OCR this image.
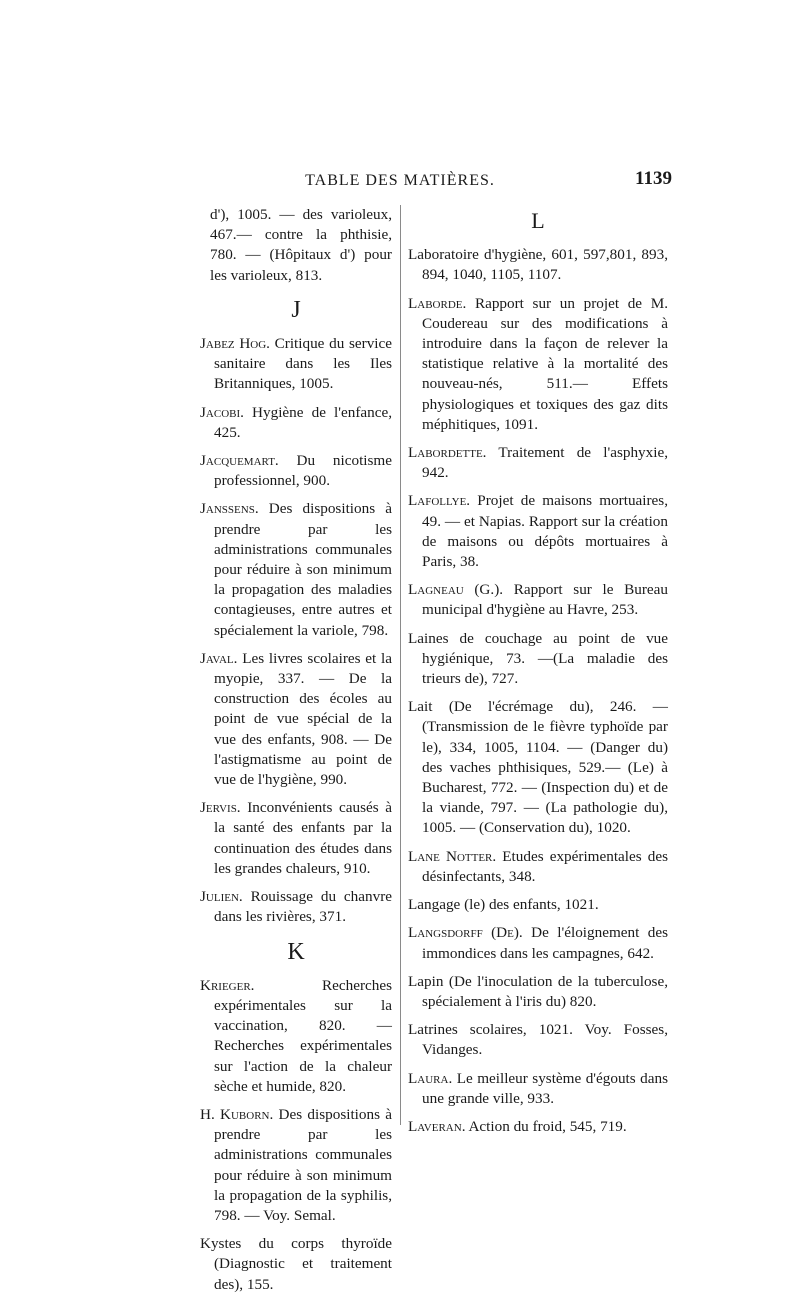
TABLE DES MATIÈRES.	1139

d'), 1005. — des varioleux, 467.— contre la phthisie, 780. — (Hôpitaux d') pour les varioleux, 813.

J

Jabez Hog. Critique du service sanitaire dans les Iles Britanniques, 1005.

Jacobi. Hygiène de l'enfance, 425.

Jacquemart. Du nicotisme professionnel, 900.

Janssens. Des dispositions à prendre par les administrations communales pour réduire à son minimum la propagation des maladies contagieuses, entre autres et spécialement la variole, 798.

Javal. Les livres scolaires et la myopie, 337. — De la construction des écoles au point de vue spécial de la vue des enfants, 908. — De l'astigmatisme au point de vue de l'hygiène, 990.

Jervis. Inconvénients causés à la santé des enfants par la continuation des études dans les grandes chaleurs, 910.

Julien. Rouissage du chanvre dans les rivières, 371.

K

Krieger. Recherches expérimentales sur la vaccination, 820. — Recherches expérimentales sur l'action de la chaleur sèche et humide, 820.

H. Kuborn. Des dispositions à prendre par les administrations communales pour réduire à son minimum la propagation de la syphilis, 798. — Voy. Semal.

Kystes du corps thyroïde (Diagnostic et traitement des), 155.

L

Laboratoire d'hygiène, 601, 597,801, 893, 894, 1040, 1105, 1107.

Laborde. Rapport sur un projet de M. Coudereau sur des modifications à introduire dans la façon de relever la statistique relative à la mortalité des nouveau-nés, 511.— Effets physiologiques et toxiques des gaz dits méphitiques, 1091.

Labordette. Traitement de l'asphyxie, 942.

Lafollye. Projet de maisons mortuaires, 49. — et Napias. Rapport sur la création de maisons ou dépôts mortuaires à Paris, 38.

Lagneau (G.). Rapport sur le Bureau municipal d'hygiène au Havre, 253.

Laines de couchage au point de vue hygiénique, 73. —(La maladie des trieurs de), 727.

Lait (De l'écrémage du), 246. — (Transmission de le fièvre typhoïde par le), 334, 1005, 1104. — (Danger du) des vaches phthisiques, 529.— (Le) à Bucharest, 772. — (Inspection du) et de la viande, 797. — (La pathologie du), 1005. — (Conservation du), 1020.

Lane Notter. Etudes expérimentales des désinfectants, 348.

Langage (le) des enfants, 1021.

Langsdorff (De). De l'éloignement des immondices dans les campagnes, 642.

Lapin (De l'inoculation de la tuberculose, spécialement à l'iris du) 820.

Latrines scolaires, 1021. Voy. Fosses, Vidanges.

Laura. Le meilleur système d'égouts dans une grande ville, 933.

Laveran. Action du froid, 545, 719.
